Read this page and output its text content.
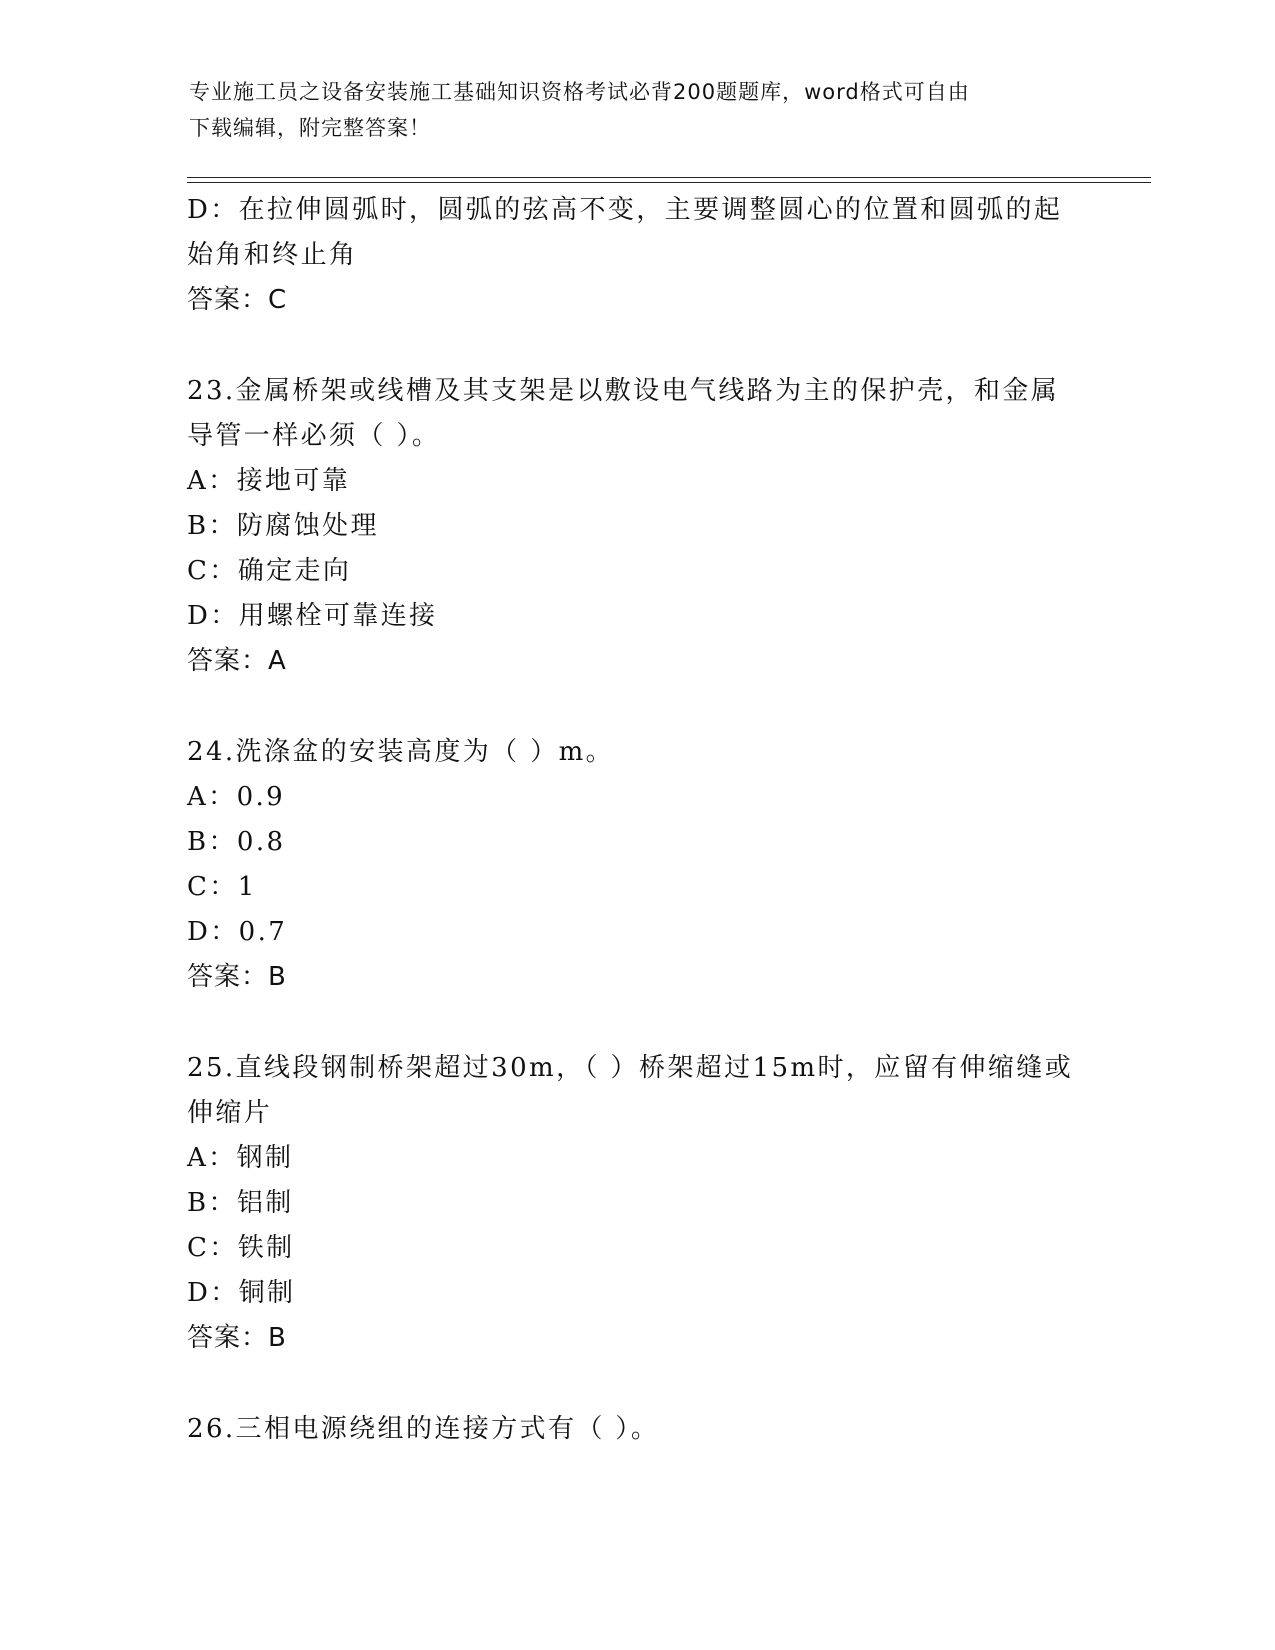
专业施工员之设备安装施工基础知识资格考试必背200题题库，word格式可自由
下载编辑，附完整答案！
D：在拉伸圆弧时，圆弧的弦高不变，主要调整圆心的位置和圆弧的起
始角和终止角
答案：C
23.金属桥架或线槽及其支架是以敷设电气线路为主的保护壳，和金属
导管一样必须（ ）。
A：接地可靠
B：防腐蚀处理
C：确定走向
D：用螺栓可靠连接
答案：A
24.洗涤盆的安装高度为（ ）m。
A：0.9
B：0.8
C：1
D：0.7
答案：B
25.直线段钢制桥架超过30m，（ ）桥架超过15m时，应留有伸缩缝或
伸缩片
A：钢制
B：铝制
C：铁制
D：铜制
答案：B
26.三相电源绕组的连接方式有（ ）。
